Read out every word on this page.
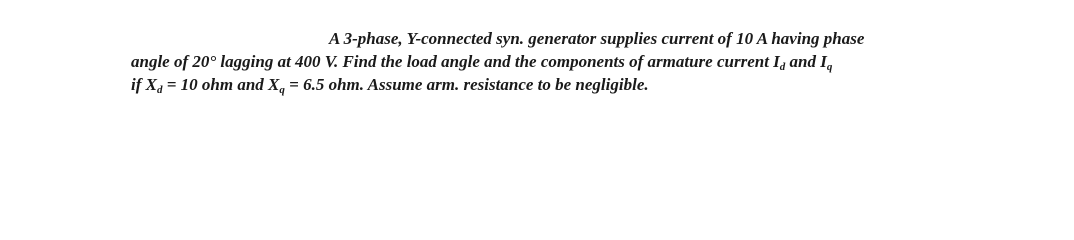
A 3-phase, Y-connected syn. generator supplies current of 10 A having phase
angle of 20° lagging at 400 V. Find the load angle and the components of armature current $I_d$ and $I_q$
if $X_d = 10$ ohm and $X_q = 6.5$ ohm. Assume arm. resistance to be negligible.
